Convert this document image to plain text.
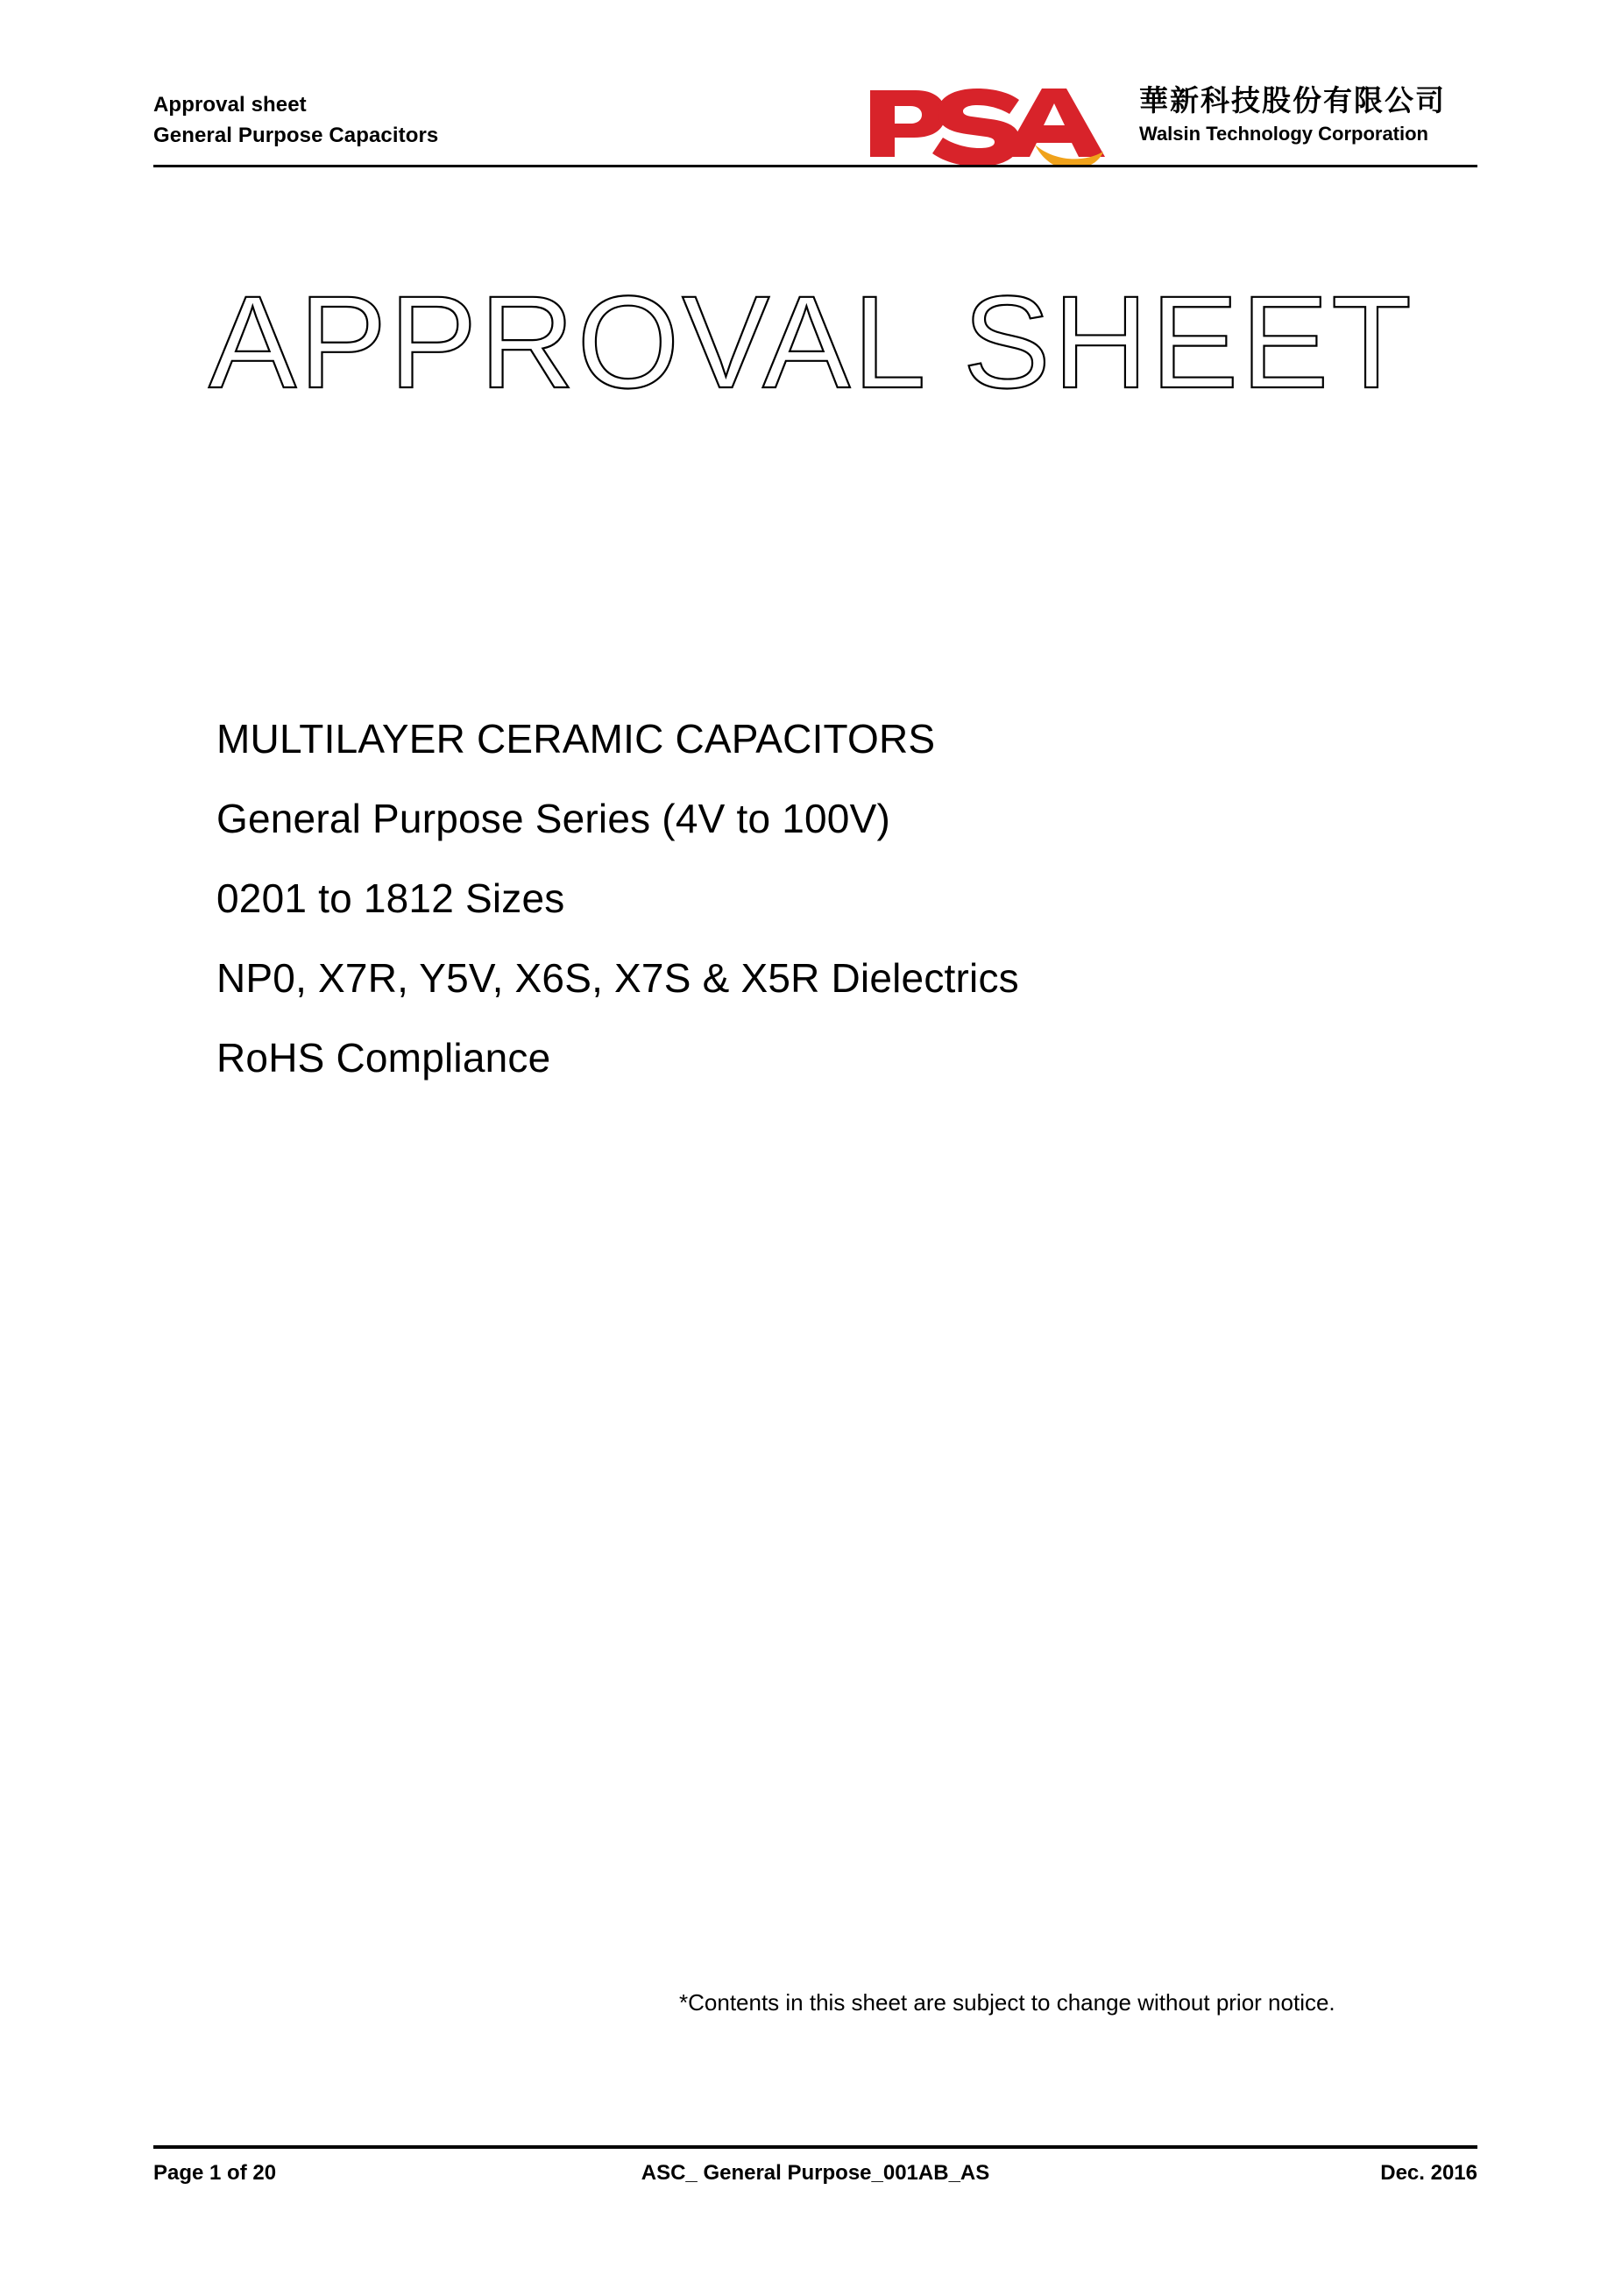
Approval sheet
General Purpose Capacitors
華新科技股份有限公司
Walsin Technology Corporation
APPROVAL SHEET
MULTILAYER CERAMIC CAPACITORS
General Purpose Series (4V to 100V)
0201 to 1812 Sizes
NP0, X7R, Y5V, X6S, X7S & X5R Dielectrics
RoHS Compliance
*Contents in this sheet are subject to change without prior notice.
Page 1 of 20	ASC_ General Purpose_001AB_AS	Dec. 2016
